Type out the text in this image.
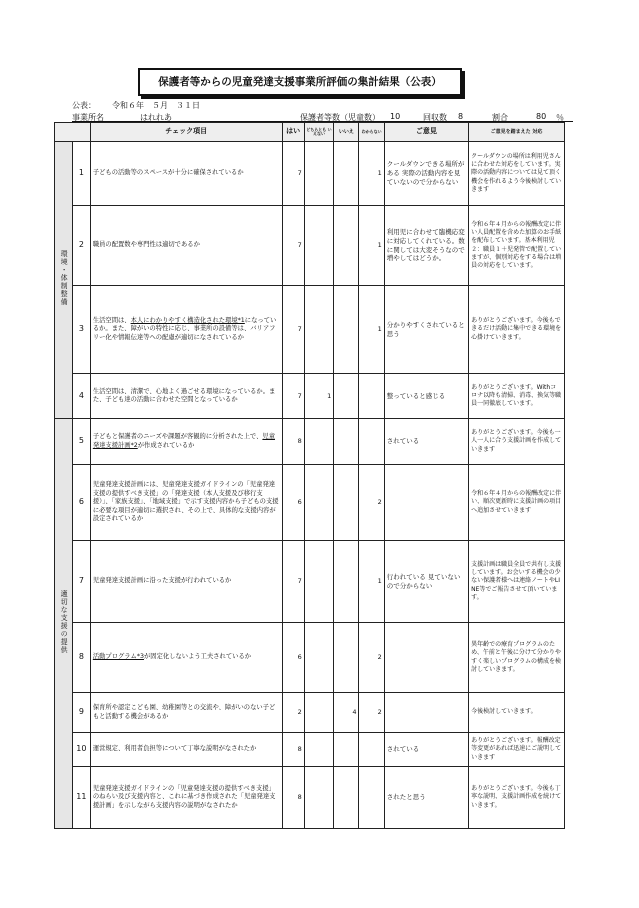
保護者等からの児童発達支援事業所評価の集計結果（公表）
公表： 令和６年　５月　３１日
事業所名	はれれあ	保護者等数（児童数） 10	回収数 8	割合	80 ％
		チェック項目	はい	どちらとも いえない	いいえ	わからない	ご意見	ご意見を踏まえた 対応
環境・体制整備	1	子どもの活動等のスペースが十分に確保されているか	7			1	クールダウンできる場所がある 実際の活動内容を見ていないので分からない	クールダウンの場所は利用児さんに合わせた対応をしています。実際の活動内容については見て頂く機会を作れるよう今後検討していきます
	2	職員の配置数や専門性は適切であるか	7			1	利用児に合わせて臨機応変に対応してくれている。数に関しては大変そうなので増やしてはどうか。	令和６年４月からの報酬改定に伴い人員配置を含めた加算のお手紙を配布しています。基本利用児２：職員１＋児発管で配置していますが、個別対応をする場合は増員の対応をしています。
	3	生活空間は、本人にわかりやすく構造化された環境*1になっているか。また、障がいの特性に応じ、事業所の設備等は、バリアフリー化や情報伝達等への配慮が適切になされているか	7			1	分かりやすくされていると思う	ありがとうございます。今後もできるだけ活動に集中できる環境を心掛けていきます。
	4	生活空間は、清潔で、心地よく過ごせる環境になっているか。また、子ども達の活動に合わせた空間となっているか	7	1			整っていると感じる	ありがとうございます。Withコロナ以降も清掃、消毒、換気等職員一同徹底しています。
適切な支援の提供	5	子どもと保護者のニーズや課題が客観的に分析された上で、児童発達支援計画*2が作成されているか	8				されている	ありがとうございます。今後も一人一人に合う支援計画を作成していきます
	6	児童発達支援計画には、児童発達支援ガイドラインの「児童発達支援の提供すべき支援」の「発達支援（本人支援及び移行支援）」、「家族支援」、「地域支援」で示す支援内容から子どもの支援に必要な項目が適切に選択され、その上で、具体的な支援内容が設定されているか	6			2		令和６年４月からの報酬改定に伴い、順次更新時に支援計画の項目へ追加させていきます
	7	児童発達支援計画に沿った支援が行われているか	7			1	行われている 見ていないので分からない	支援計画は職員全員で共有し支援しています。お会いする機会の少ない保護者様へは連絡ノートやLINE等でご報告させて頂いています。
	8	活動プログラム*3が固定化しないよう工夫されているか	6			2		異年齢での療育プログラムのため、午前と午後に分けて分かりやすく楽しいプログラムの構成を検討していきます。
	9	保育所や認定こども園、幼稚園等との交流や、障がいのない子どもと活動する機会があるか	2		4	2		今後検討していきます。
	10	運営規定、利用者負担等について丁寧な説明がなされたか	8				されている	ありがとうございます。報酬改定等変更があれば迅速にご説明していきます
	11	児童発達支援ガイドラインの「児童発達支援の提供すべき支援」のねらい及び支援内容と、これに基づき作成された「児童発達支援計画」を示しながら支援内容の説明がなされたか	8				されたと思う	ありがとうございます。今後も丁寧な説明、支援計画作成を続けていきます。
